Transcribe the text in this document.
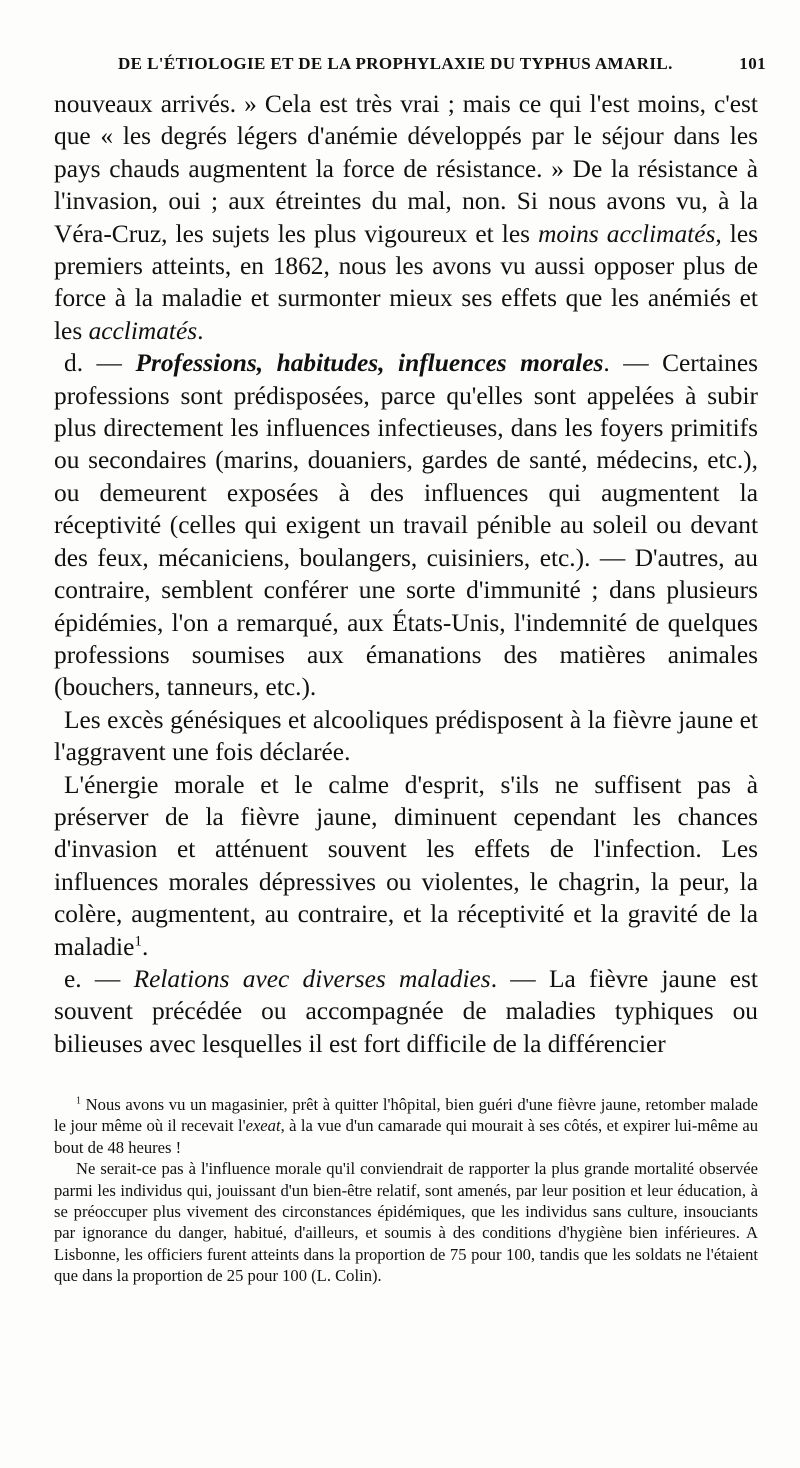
DE L'ÉTIOLOGIE ET DE LA PROPHYLAXIE DU TYPHUS AMARIL.	101

nouveaux arrivés. » Cela est très vrai ; mais ce qui l'est moins, c'est que « les degrés légers d'anémie développés par le séjour dans les pays chauds augmentent la force de résistance. » De la résistance à l'invasion, oui ; aux étreintes du mal, non. Si nous avons vu, à la Véra-Cruz, les sujets les plus vigoureux et les moins acclimatés, les premiers atteints, en 1862, nous les avons vu aussi opposer plus de force à la maladie et surmonter mieux ses effets que les anémiés et les acclimatés.

d. — Professions, habitudes, influences morales. — Certaines professions sont prédisposées, parce qu'elles sont appelées à subir plus directement les influences infectieuses, dans les foyers primitifs ou secondaires (marins, douaniers, gardes de santé, médecins, etc.), ou demeurent exposées à des influences qui augmentent la réceptivité (celles qui exigent un travail pénible au soleil ou devant des feux, mécaniciens, boulangers, cuisiniers, etc.). — D'autres, au contraire, semblent conférer une sorte d'immunité ; dans plusieurs épidémies, l'on a remarqué, aux États-Unis, l'indemnité de quelques professions soumises aux émanations des matières animales (bouchers, tanneurs, etc.).

Les excès génésiques et alcooliques prédisposent à la fièvre jaune et l'aggravent une fois déclarée.

L'énergie morale et le calme d'esprit, s'ils ne suffisent pas à préserver de la fièvre jaune, diminuent cependant les chances d'invasion et atténuent souvent les effets de l'infection. Les influences morales dépressives ou violentes, le chagrin, la peur, la colère, augmentent, au contraire, et la réceptivité et la gravité de la maladie$^1$.

e. — Relations avec diverses maladies. — La fièvre jaune est souvent précédée ou accompagnée de maladies typhiques ou bilieuses avec lesquelles il est fort difficile de la différencier

$^1$ Nous avons vu un magasinier, prêt à quitter l'hôpital, bien guéri d'une fièvre jaune, retomber malade le jour même où il recevait l'exeat, à la vue d'un camarade qui mourait à ses côtés, et expirer lui-même au bout de 48 heures !

Ne serait-ce pas à l'influence morale qu'il conviendrait de rapporter la plus grande mortalité observée parmi les individus qui, jouissant d'un bien-être relatif, sont amenés, par leur position et leur éducation, à se préoccuper plus vivement des circonstances épidémiques, que les individus sans culture, insouciants par ignorance du danger, habitué, d'ailleurs, et soumis à des conditions d'hygiène bien inférieures. A Lisbonne, les officiers furent atteints dans la proportion de 75 pour 100, tandis que les soldats ne l'étaient que dans la proportion de 25 pour 100 (L. Colin).
